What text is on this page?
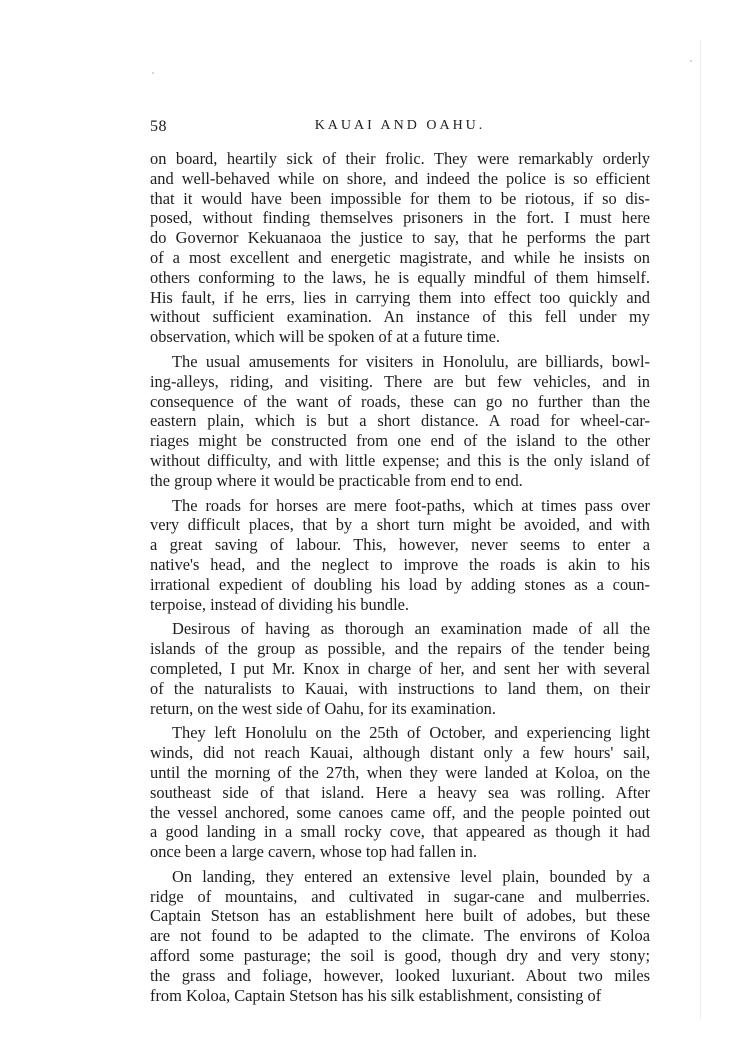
58	KAUAI AND OAHU.
on board, heartily sick of their frolic. They were remarkably orderly
and well-behaved while on shore, and indeed the police is so efficient
that it would have been impossible for them to be riotous, if so dis-
posed, without finding themselves prisoners in the fort. I must here
do Governor Kekuanaoa the justice to say, that he performs the part
of a most excellent and energetic magistrate, and while he insists on
others conforming to the laws, he is equally mindful of them himself.
His fault, if he errs, lies in carrying them into effect too quickly and
without sufficient examination. An instance of this fell under my
observation, which will be spoken of at a future time.
The usual amusements for visiters in Honolulu, are billiards, bowl-
ing-alleys, riding, and visiting. There are but few vehicles, and in
consequence of the want of roads, these can go no further than the
eastern plain, which is but a short distance. A road for wheel-car-
riages might be constructed from one end of the island to the other
without difficulty, and with little expense; and this is the only island of
the group where it would be practicable from end to end.
The roads for horses are mere foot-paths, which at times pass over
very difficult places, that by a short turn might be avoided, and with
a great saving of labour. This, however, never seems to enter a
native's head, and the neglect to improve the roads is akin to his
irrational expedient of doubling his load by adding stones as a coun-
terpoise, instead of dividing his bundle.
Desirous of having as thorough an examination made of all the
islands of the group as possible, and the repairs of the tender being
completed, I put Mr. Knox in charge of her, and sent her with several
of the naturalists to Kauai, with instructions to land them, on their
return, on the west side of Oahu, for its examination.
They left Honolulu on the 25th of October, and experiencing light
winds, did not reach Kauai, although distant only a few hours' sail,
until the morning of the 27th, when they were landed at Koloa, on the
southeast side of that island. Here a heavy sea was rolling. After
the vessel anchored, some canoes came off, and the people pointed out
a good landing in a small rocky cove, that appeared as though it had
once been a large cavern, whose top had fallen in.
On landing, they entered an extensive level plain, bounded by a
ridge of mountains, and cultivated in sugar-cane and mulberries.
Captain Stetson has an establishment here built of adobes, but these
are not found to be adapted to the climate. The environs of Koloa
afford some pasturage; the soil is good, though dry and very stony;
the grass and foliage, however, looked luxuriant. About two miles
from Koloa, Captain Stetson has his silk establishment, consisting of
